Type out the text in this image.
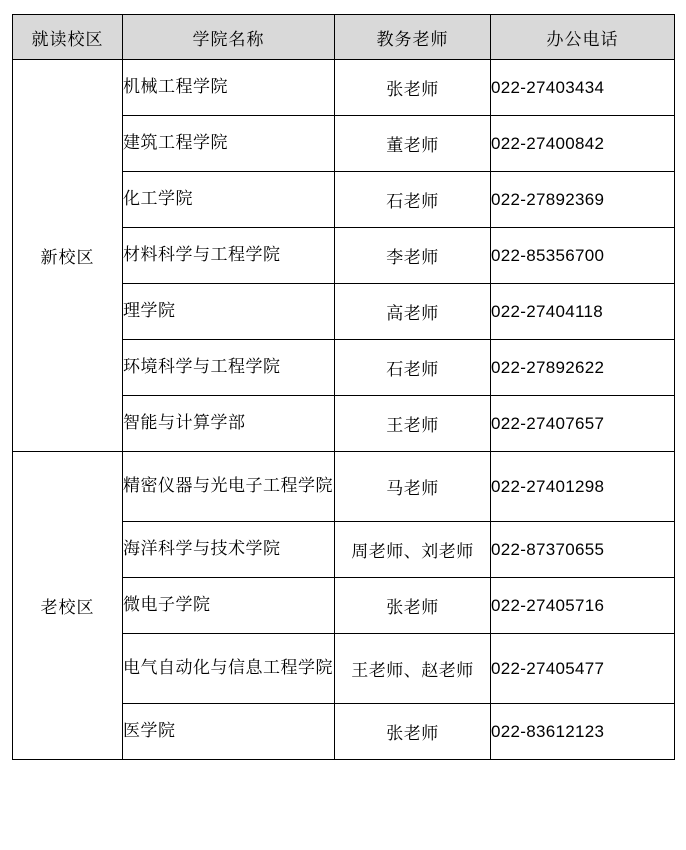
就读校区	学院名称	教务老师	办公电话
新校区	机械工程学院	张老师	022-27403434
	建筑工程学院	董老师	022-27400842
	化工学院	石老师	022-27892369
	材料科学与工程学院	李老师	022-85356700
	理学院	高老师	022-27404118
	环境科学与工程学院	石老师	022-27892622
	智能与计算学部	王老师	022-27407657
老校区	精密仪器与光电子工程学院	马老师	022-27401298
	海洋科学与技术学院	周老师、刘老师	022-87370655
	微电子学院	张老师	022-27405716
	电气自动化与信息工程学院	王老师、赵老师	022-27405477
	医学院	张老师	022-83612123
